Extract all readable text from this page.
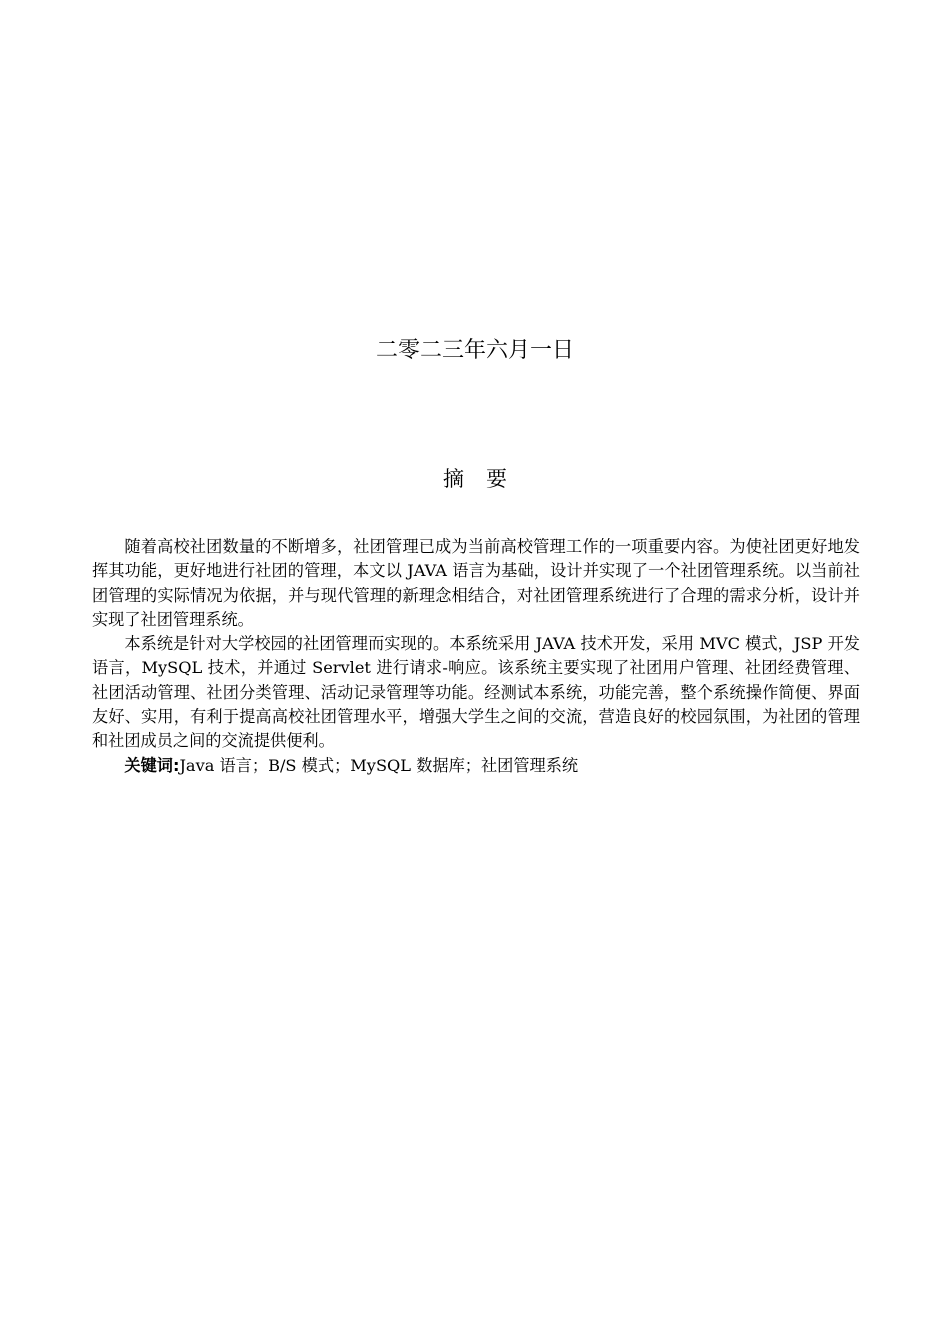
二零二三年六月一日
摘 要

随着高校社团数量的不断增多，社团管理已成为当前高校管理工作的一项重要内容。为使社团更好地发挥其功能，更好地进行社团的管理，本文以 JAVA 语言为基础，设计并实现了一个社团管理系统。以当前社团管理的实际情况为依据，并与现代管理的新理念相结合，对社团管理系统进行了合理的需求分析，设计并实现了社团管理系统。

本系统是针对大学校园的社团管理而实现的。本系统采用 JAVA 技术开发，采用 MVC 模式，JSP 开发语言，MySQL 技术，并通过 Servlet 进行请求-响应。该系统主要实现了社团用户管理、社团经费管理、社团活动管理、社团分类管理、活动记录管理等功能。经测试本系统，功能完善，整个系统操作简便、界面友好、实用，有利于提高高校社团管理水平，增强大学生之间的交流，营造良好的校园氛围，为社团的管理和社团成员之间的交流提供便利。

关键词:Java 语言；B/S 模式；MySQL 数据库；社团管理系统
